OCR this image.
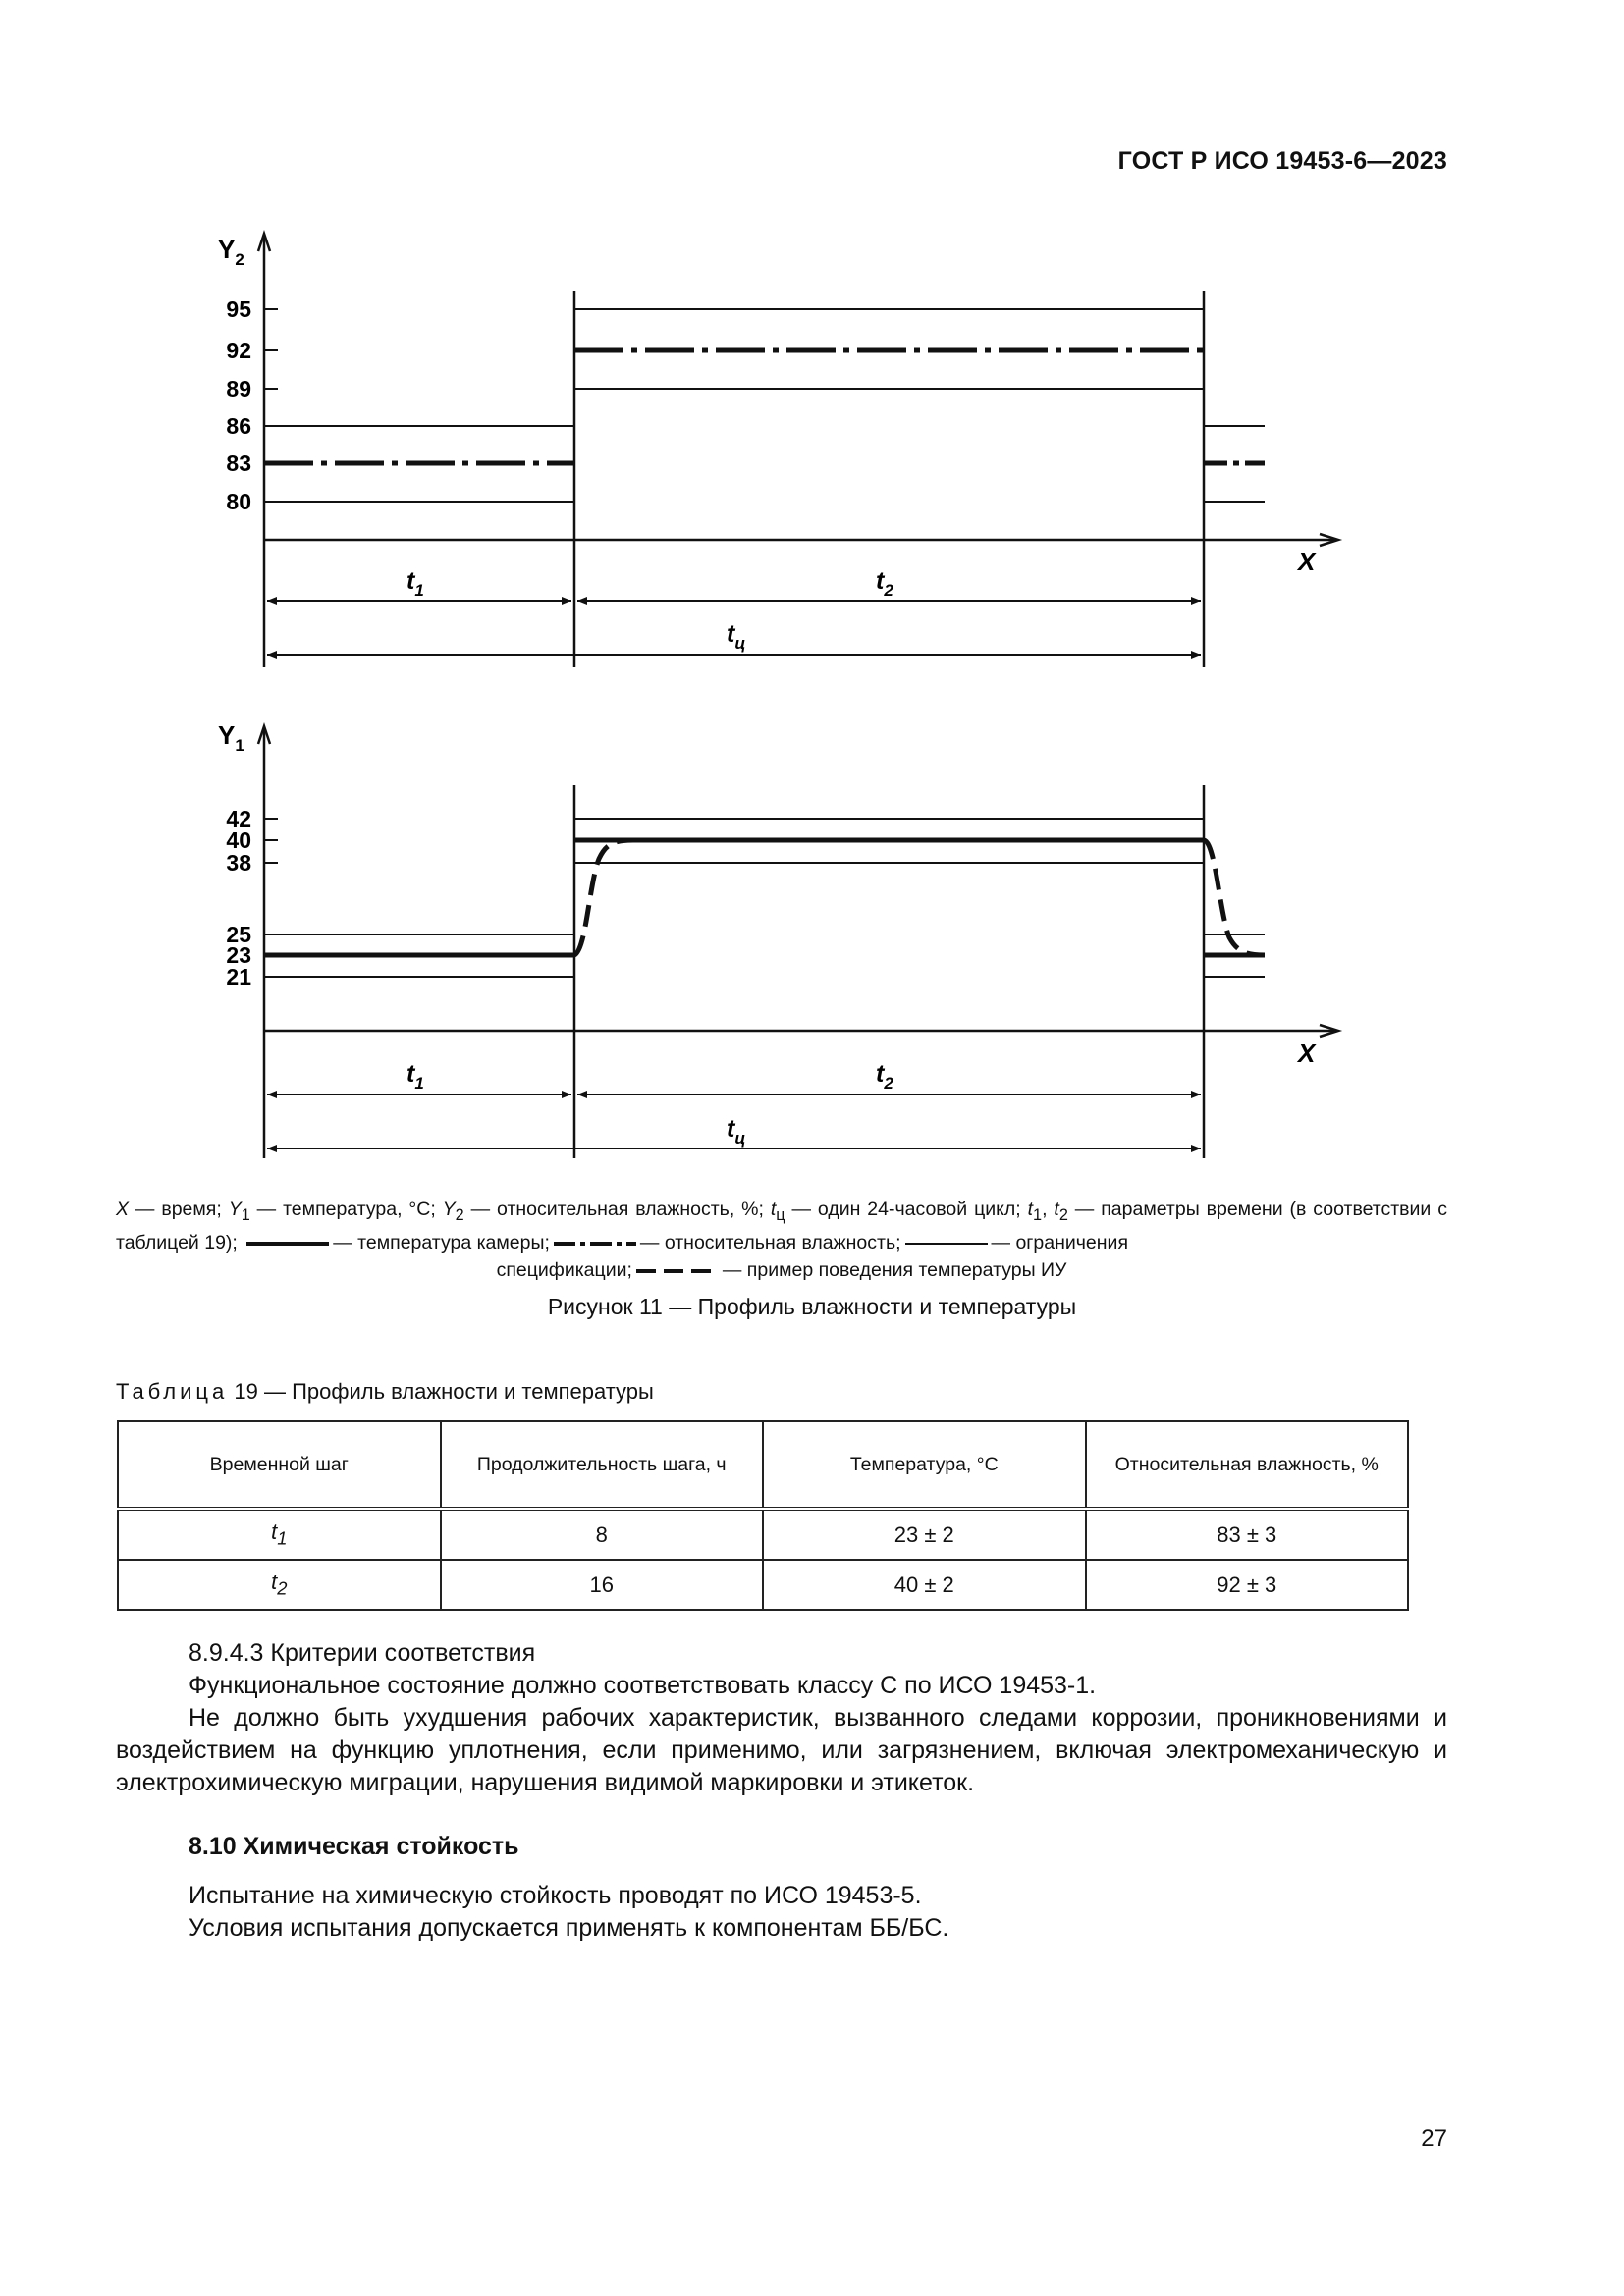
ГОСТ Р ИСО 19453-6—2023
95
92
89
86
83
80
$Y_2$
X
$t_1$	$t_2$
$t_ц$
42
40
38
25
23
21
$Y_1$
X
$t_1$	$t_2$
$t_ц$
X — время; $Y_1$ — температура, °С; $Y_2$ — относительная влажность, %; $t_ц$ — один 24-часовой цикл; $t_1$, $t_2$ — параметры времени (в соответствии с таблицей 19);	— температура камеры;	— относительная влажность;	— ограничения
спецификации;	— пример поведения температуры ИУ
Рисунок 11 — Профиль влажности и температуры
Таблица 19 — Профиль влажности и температуры
Временной шаг	Продолжительность шага, ч	Температура, °С	Относительная влажность, %
$t_1$	8	23 ± 2	83 ± 3
$t_2$	16	40 ± 2	92 ± 3
8.9.4.3 Критерии соответствия
Функциональное состояние должно соответствовать классу С по ИСО 19453-1.
Не должно быть ухудшения рабочих характеристик, вызванного следами коррозии, проникновениями и воздействием на функцию уплотнения, если применимо, или загрязнением, включая электромеханическую и электрохимическую миграции, нарушения видимой маркировки и этикеток.
8.10 Химическая стойкость
Испытание на химическую стойкость проводят по ИСО 19453-5.
Условия испытания допускается применять к компонентам ББ/БС.
27
